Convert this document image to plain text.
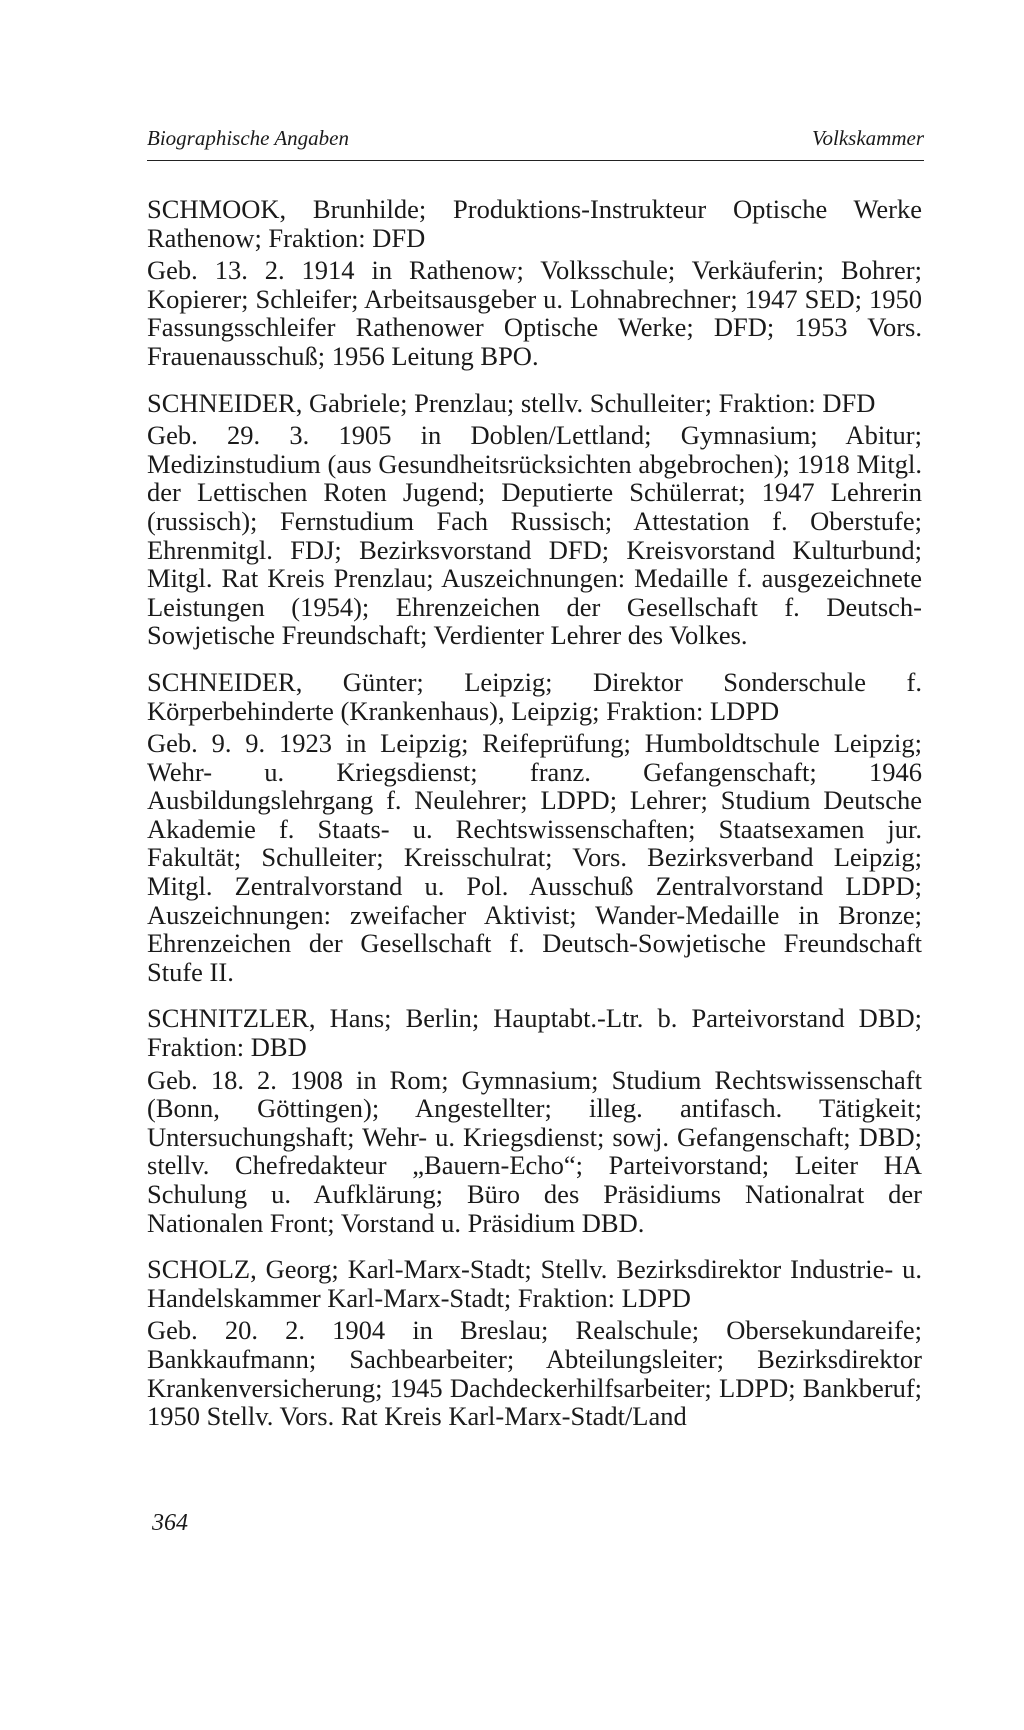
Biographische Angaben	Volkskammer

SCHMOOK, Brunhilde; Produktions-Instrukteur Optische Werke Rathenow; Fraktion: DFD

Geb. 13. 2. 1914 in Rathenow; Volksschule; Verkäuferin; Bohrer; Kopierer; Schleifer; Arbeitsausgeber u. Lohnabrechner; 1947 SED; 1950 Fassungsschleifer Rathenower Optische Werke; DFD; 1953 Vors. Frauenausschuß; 1956 Leitung BPO.

SCHNEIDER, Gabriele; Prenzlau; stellv. Schulleiter; Fraktion: DFD

Geb. 29. 3. 1905 in Doblen/Lettland; Gymnasium; Abitur; Medizinstudium (aus Gesundheitsrücksichten abgebrochen); 1918 Mitgl. der Lettischen Roten Jugend; Deputierte Schülerrat; 1947 Lehrerin (russisch); Fernstudium Fach Russisch; Attestation f. Oberstufe; Ehrenmitgl. FDJ; Bezirksvorstand DFD; Kreisvorstand Kulturbund; Mitgl. Rat Kreis Prenzlau; Auszeichnungen: Medaille f. ausgezeichnete Leistungen (1954); Ehrenzeichen der Gesellschaft f. Deutsch-Sowjetische Freundschaft; Verdienter Lehrer des Volkes.

SCHNEIDER, Günter; Leipzig; Direktor Sonderschule f. Körperbehinderte (Krankenhaus), Leipzig; Fraktion: LDPD

Geb. 9. 9. 1923 in Leipzig; Reifeprüfung; Humboldtschule Leipzig; Wehr- u. Kriegsdienst; franz. Gefangenschaft; 1946 Ausbildungslehrgang f. Neulehrer; LDPD; Lehrer; Studium Deutsche Akademie f. Staats- u. Rechtswissenschaften; Staatsexamen jur. Fakultät; Schulleiter; Kreisschulrat; Vors. Bezirksverband Leipzig; Mitgl. Zentralvorstand u. Pol. Ausschuß Zentralvorstand LDPD; Auszeichnungen: zweifacher Aktivist; Wander-Medaille in Bronze; Ehrenzeichen der Gesellschaft f. Deutsch-Sowjetische Freundschaft Stufe II.

SCHNITZLER, Hans; Berlin; Hauptabt.-Ltr. b. Parteivorstand DBD; Fraktion: DBD

Geb. 18. 2. 1908 in Rom; Gymnasium; Studium Rechtswissenschaft (Bonn, Göttingen); Angestellter; illeg. antifasch. Tätigkeit; Untersuchungshaft; Wehr- u. Kriegsdienst; sowj. Gefangenschaft; DBD; stellv. Chefredakteur „Bauern-Echo“; Parteivorstand; Leiter HA Schulung u. Aufklärung; Büro des Präsidiums Nationalrat der Nationalen Front; Vorstand u. Präsidium DBD.

SCHOLZ, Georg; Karl-Marx-Stadt; Stellv. Bezirksdirektor Industrie- u. Handelskammer Karl-Marx-Stadt; Fraktion: LDPD

Geb. 20. 2. 1904 in Breslau; Realschule; Obersekundareife; Bankkaufmann; Sachbearbeiter; Abteilungsleiter; Bezirksdirektor Krankenversicherung; 1945 Dachdeckerhilfsarbeiter; LDPD; Bankberuf; 1950 Stellv. Vors. Rat Kreis Karl-Marx-Stadt/Land

364
